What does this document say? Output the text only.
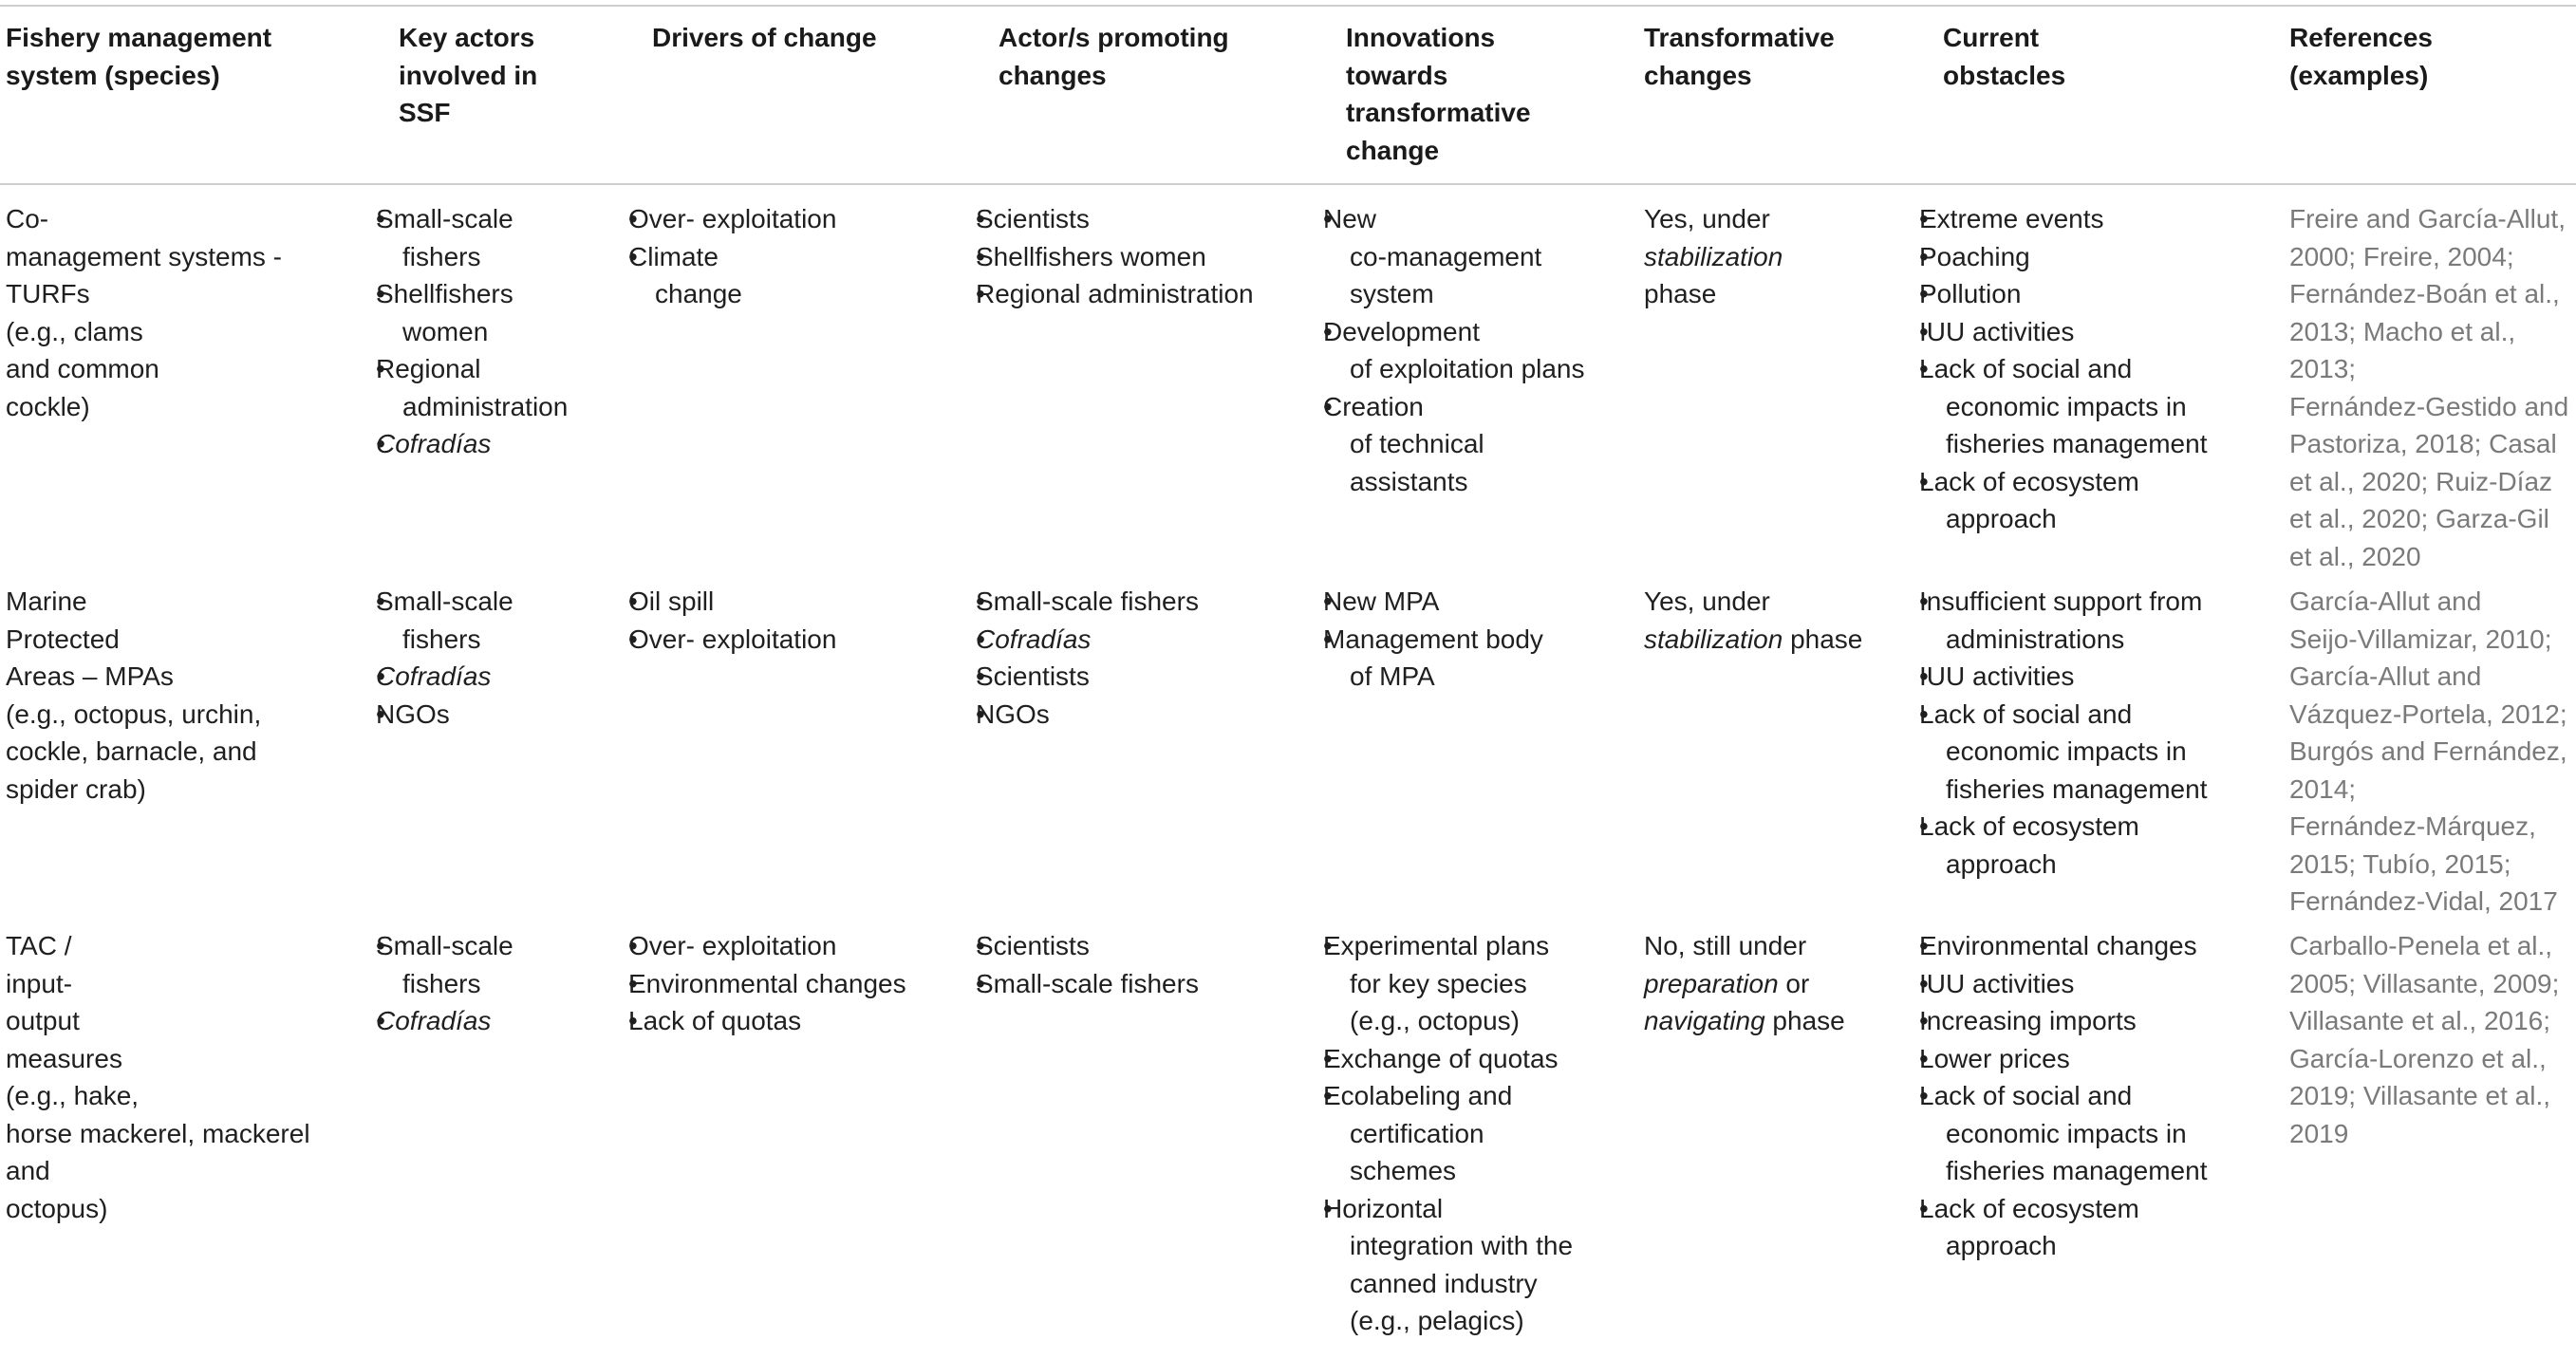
Fishery management
system (species)
Key actors
involved in
SSF
Drivers of change	Actor/s promoting
changes
Innovations
towards
transformative
change
Transformative
changes
Current
obstacles
References
(examples)
Co-
management systems -
TURFs
(e.g., clams
and common
cockle)
• Small-scale
fishers
• Shellfishers
women
• Regional
administration
• Cofradías
• Over- exploitation
• Climate
change
• Scientists
• Shellfishers women
• Regional administration
• New
co-management
system
• Development
of exploitation plans
• Creation
of technical
assistants
Yes, under
stabilization
phase
• Extreme events
• Poaching
• Pollution
• IUU activities
• Lack of social and
economic impacts in
fisheries management
• Lack of ecosystem
approach
Freire and García-Allut,
2000; Freire, 2004;
Fernández-Boán et al.,
2013; Macho et al.,
2013;
Fernández-Gestido and
Pastoriza, 2018; Casal
et al., 2020; Ruiz-Díaz
et al., 2020; Garza-Gil
et al., 2020
Marine
Protected
Areas – MPAs
(e.g., octopus, urchin,
cockle, barnacle, and
spider crab)
• Small-scale
fishers
• Cofradías
• NGOs
• Oil spill
• Over- exploitation
• Small-scale fishers
• Cofradías
• Scientists
• NGOs
• New MPA
• Management body
of MPA
Yes, under
stabilization phase
• Insufficient support from
administrations
• IUU activities
• Lack of social and
economic impacts in
fisheries management
• Lack of ecosystem
approach
García-Allut and
Seijo-Villamizar, 2010;
García-Allut and
Vázquez-Portela, 2012;
Burgós and Fernández,
2014;
Fernández-Márquez,
2015; Tubío, 2015;
Fernández-Vidal, 2017
TAC /
input-
output
measures
(e.g., hake,
horse mackerel, mackerel
and
octopus)
• Small-scale
fishers
• Cofradías
• Over- exploitation
• Environmental changes
• Lack of quotas
• Scientists
• Small-scale fishers
• Experimental plans
for key species
(e.g., octopus)
• Exchange of quotas
• Ecolabeling and
certification
schemes
• Horizontal
integration with the
canned industry
(e.g., pelagics)
No, still under
preparation or
navigating phase
• Environmental changes
• IUU activities
• Increasing imports
• Lower prices
• Lack of social and
economic impacts in
fisheries management
• Lack of ecosystem
approach
Carballo-Penela et al.,
2005; Villasante, 2009;
Villasante et al., 2016;
García-Lorenzo et al.,
2019; Villasante et al.,
2019
